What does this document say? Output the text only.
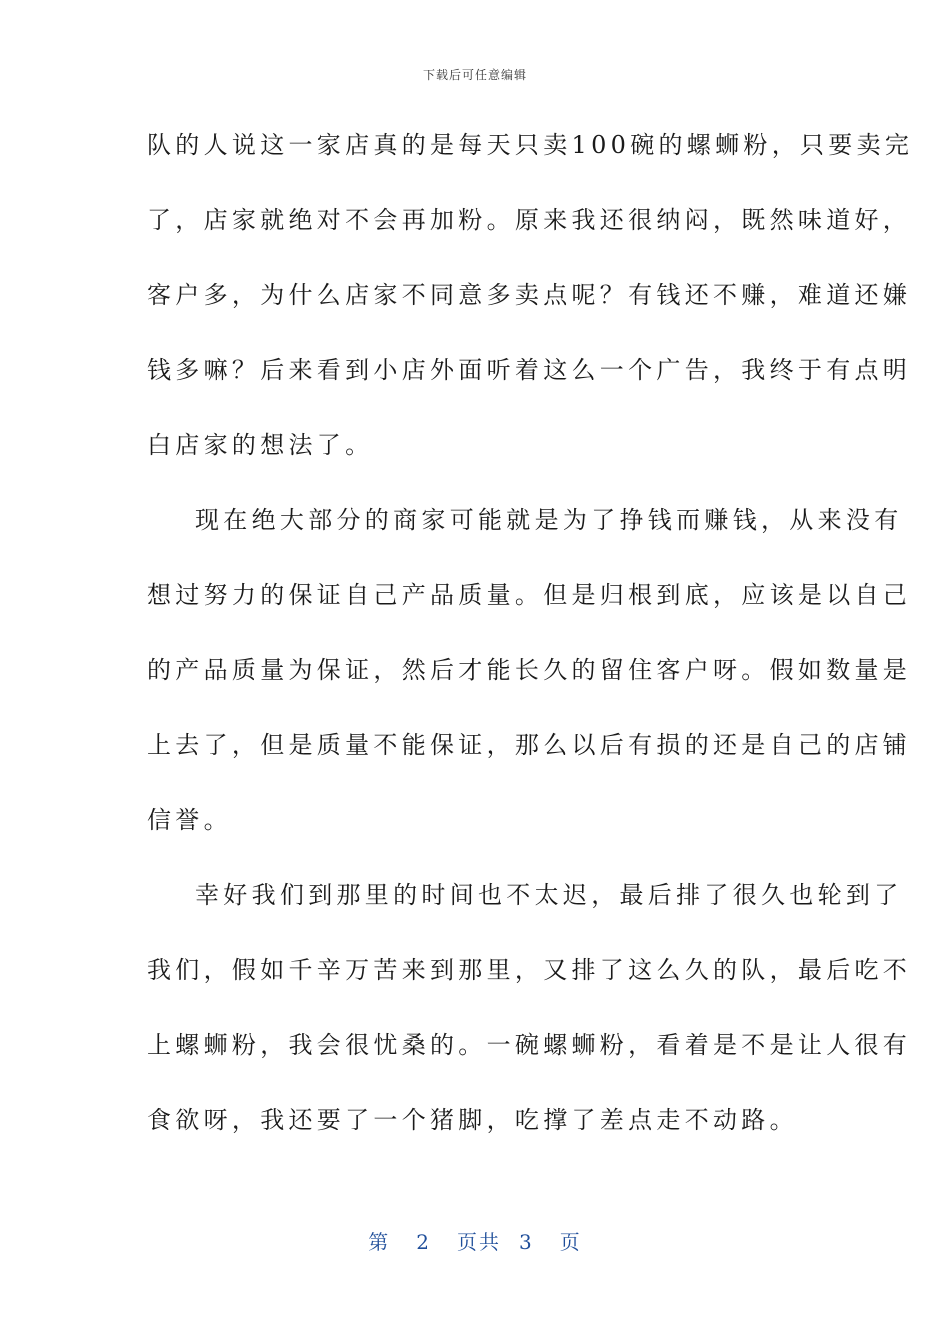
下载后可任意编辑
队的人说这一家店真的是每天只卖100碗的螺蛳粉，只要卖完
了，店家就绝对不会再加粉。原来我还很纳闷，既然味道好，
客户多，为什么店家不同意多卖点呢？有钱还不赚，难道还嫌
钱多嘛？后来看到小店外面听着这么一个广告，我终于有点明
白店家的想法了。
现在绝大部分的商家可能就是为了挣钱而赚钱，从来没有
想过努力的保证自己产品质量。但是归根到底，应该是以自己
的产品质量为保证，然后才能长久的留住客户呀。假如数量是
上去了，但是质量不能保证，那么以后有损的还是自己的店铺
信誉。
幸好我们到那里的时间也不太迟，最后排了很久也轮到了
我们，假如千辛万苦来到那里，又排了这么久的队，最后吃不
上螺蛳粉，我会很忧桑的。一碗螺蛳粉，看着是不是让人很有
食欲呀，我还要了一个猪脚，吃撑了差点走不动路。
第 2 页共 3 页
